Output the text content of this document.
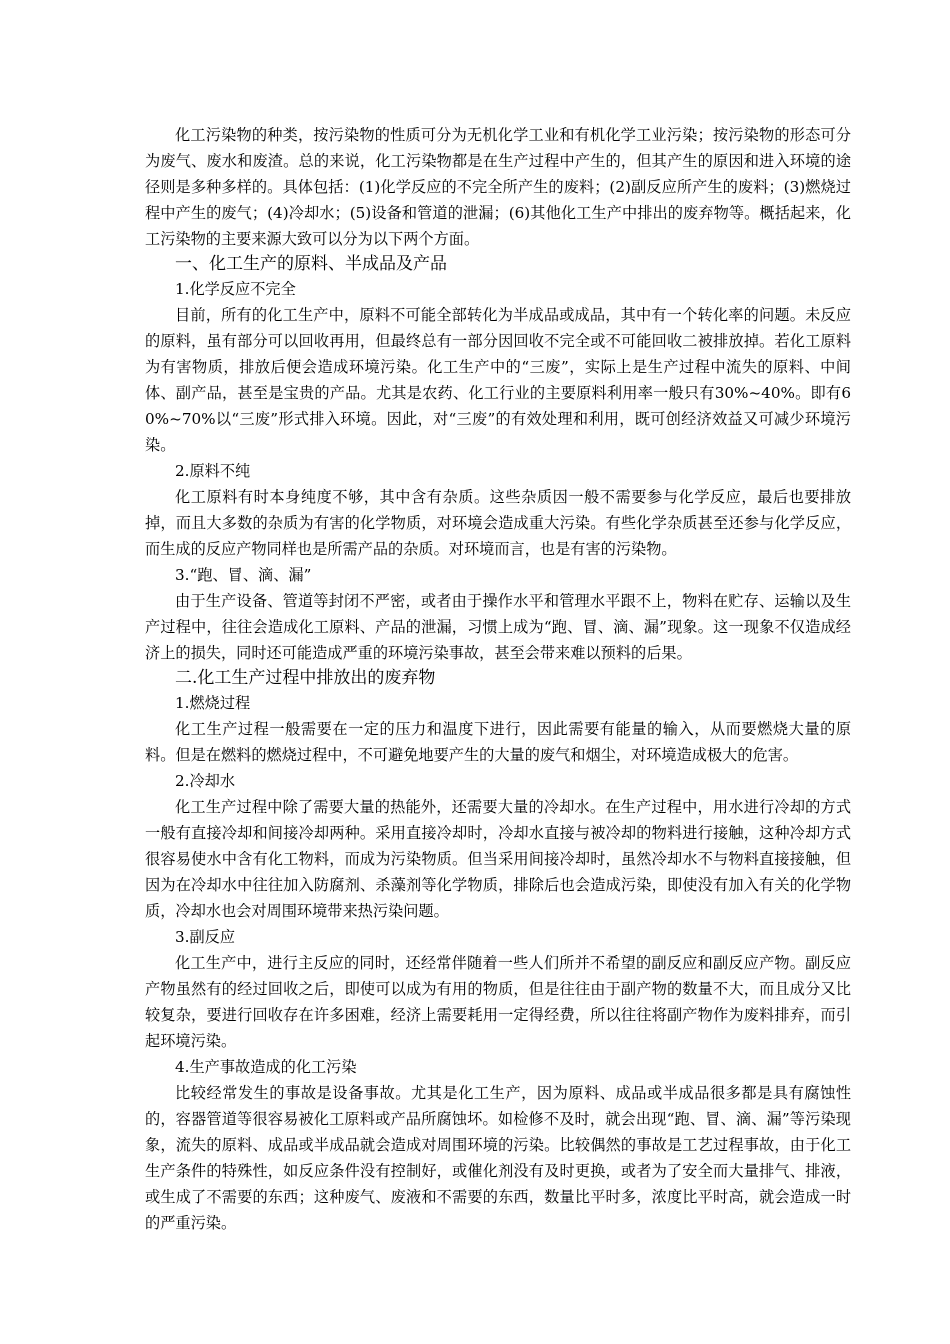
化工污染物的种类，按污染物的性质可分为无机化学工业和有机化学工业污染；按污染物的形态可分为废气、废水和废渣。总的来说，化工污染物都是在生产过程中产生的，但其产生的原因和进入环境的途径则是多种多样的。具体包括：(1)化学反应的不完全所产生的废料；(2)副反应所产生的废料；(3)燃烧过程中产生的废气；(4)冷却水；(5)设备和管道的泄漏；(6)其他化工生产中排出的废弃物等。概括起来，化工污染物的主要来源大致可以分为以下两个方面。

一、化工生产的原料、半成品及产品

1.化学反应不完全

目前，所有的化工生产中，原料不可能全部转化为半成品或成品，其中有一个转化率的问题。未反应的原料，虽有部分可以回收再用，但最终总有一部分因回收不完全或不可能回收二被排放掉。若化工原料为有害物质，排放后便会造成环境污染。化工生产中的“三废”，实际上是生产过程中流失的原料、中间体、副产品，甚至是宝贵的产品。尤其是农药、化工行业的主要原料利用率一般只有30%~40%。即有60%~70%以“三废”形式排入环境。因此，对“三废”的有效处理和利用，既可创经济效益又可减少环境污染。

2.原料不纯

化工原料有时本身纯度不够，其中含有杂质。这些杂质因一般不需要参与化学反应，最后也要排放掉，而且大多数的杂质为有害的化学物质，对环境会造成重大污染。有些化学杂质甚至还参与化学反应，而生成的反应产物同样也是所需产品的杂质。对环境而言，也是有害的污染物。

3.“跑、冒、滴、漏”

由于生产设备、管道等封闭不严密，或者由于操作水平和管理水平跟不上，物料在贮存、运输以及生产过程中，往往会造成化工原料、产品的泄漏，习惯上成为“跑、冒、滴、漏”现象。这一现象不仅造成经济上的损失，同时还可能造成严重的环境污染事故，甚至会带来难以预料的后果。

二.化工生产过程中排放出的废弃物

1.燃烧过程

化工生产过程一般需要在一定的压力和温度下进行，因此需要有能量的输入，从而要燃烧大量的原料。但是在燃料的燃烧过程中，不可避免地要产生的大量的废气和烟尘，对环境造成极大的危害。

2.冷却水

化工生产过程中除了需要大量的热能外，还需要大量的冷却水。在生产过程中，用水进行冷却的方式一般有直接冷却和间接冷却两种。采用直接冷却时，冷却水直接与被冷却的物料进行接触，这种冷却方式很容易使水中含有化工物料，而成为污染物质。但当采用间接冷却时，虽然冷却水不与物料直接接触，但因为在冷却水中往往加入防腐剂、杀藻剂等化学物质，排除后也会造成污染，即使没有加入有关的化学物质，冷却水也会对周围环境带来热污染问题。

3.副反应

化工生产中，进行主反应的同时，还经常伴随着一些人们所并不希望的副反应和副反应产物。副反应产物虽然有的经过回收之后，即使可以成为有用的物质，但是往往由于副产物的数量不大，而且成分又比较复杂，要进行回收存在许多困难，经济上需要耗用一定得经费，所以往往将副产物作为废料排弃，而引起环境污染。

4.生产事故造成的化工污染

比较经常发生的事故是设备事故。尤其是化工生产，因为原料、成品或半成品很多都是具有腐蚀性的，容器管道等很容易被化工原料或产品所腐蚀坏。如检修不及时，就会出现“跑、冒、滴、漏”等污染现象，流失的原料、成品或半成品就会造成对周围环境的污染。比较偶然的事故是工艺过程事故，由于化工生产条件的特殊性，如反应条件没有控制好，或催化剂没有及时更换，或者为了安全而大量排气、排液，或生成了不需要的东西；这种废气、废液和不需要的东西，数量比平时多，浓度比平时高，就会造成一时的严重污染。
